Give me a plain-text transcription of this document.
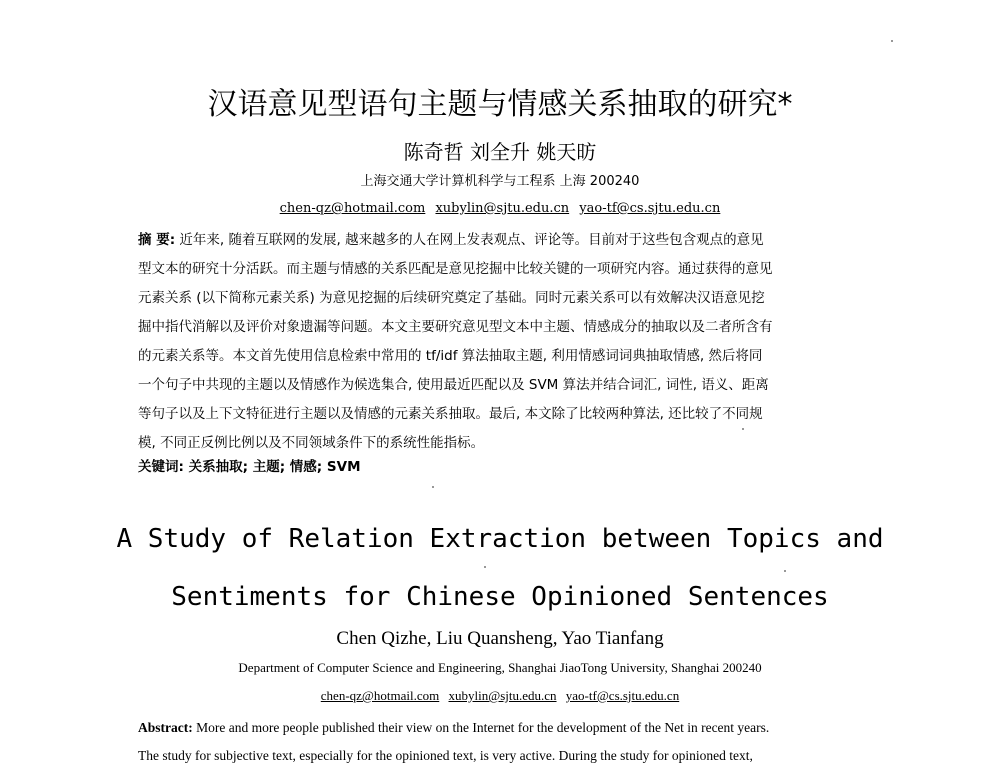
汉语意见型语句主题与情感关系抽取的研究*
陈奇哲 刘全升 姚天昉
上海交通大学计算机科学与工程系 上海 200240
chen-qz@hotmail.com xubylin@sjtu.edu.cn yao-tf@cs.sjtu.edu.cn
摘 要: 近年来, 随着互联网的发展, 越来越多的人在网上发表观点、评论等。目前对于这些包含观点的意见
型文本的研究十分活跃。而主题与情感的关系匹配是意见挖掘中比较关键的一项研究内容。通过获得的意见
元素关系 (以下简称元素关系) 为意见挖掘的后续研究奠定了基础。同时元素关系可以有效解决汉语意见挖
掘中指代消解以及评价对象遗漏等问题。本文主要研究意见型文本中主题、情感成分的抽取以及二者所含有
的元素关系等。本文首先使用信息检索中常用的 tf/idf 算法抽取主题, 利用情感词词典抽取情感, 然后将同
一个句子中共现的主题以及情感作为候选集合, 使用最近匹配以及 SVM 算法并结合词汇, 词性, 语义、距离
等句子以及上下文特征进行主题以及情感的元素关系抽取。最后, 本文除了比较两种算法, 还比较了不同规
模, 不同正反例比例以及不同领域条件下的系统性能指标。
关键词: 关系抽取; 主题; 情感; SVM
A Study of Relation Extraction between Topics and
Sentiments for Chinese Opinioned Sentences
Chen Qizhe, Liu Quansheng, Yao Tianfang
Department of Computer Science and Engineering, Shanghai JiaoTong University, Shanghai 200240
chen-qz@hotmail.com xubylin@sjtu.edu.cn yao-tf@cs.sjtu.edu.cn
Abstract: More and more people published their view on the Internet for the development of the Net in recent years.
The study for subjective text, especially for the opinioned text, is very active. During the study for opinioned text,
